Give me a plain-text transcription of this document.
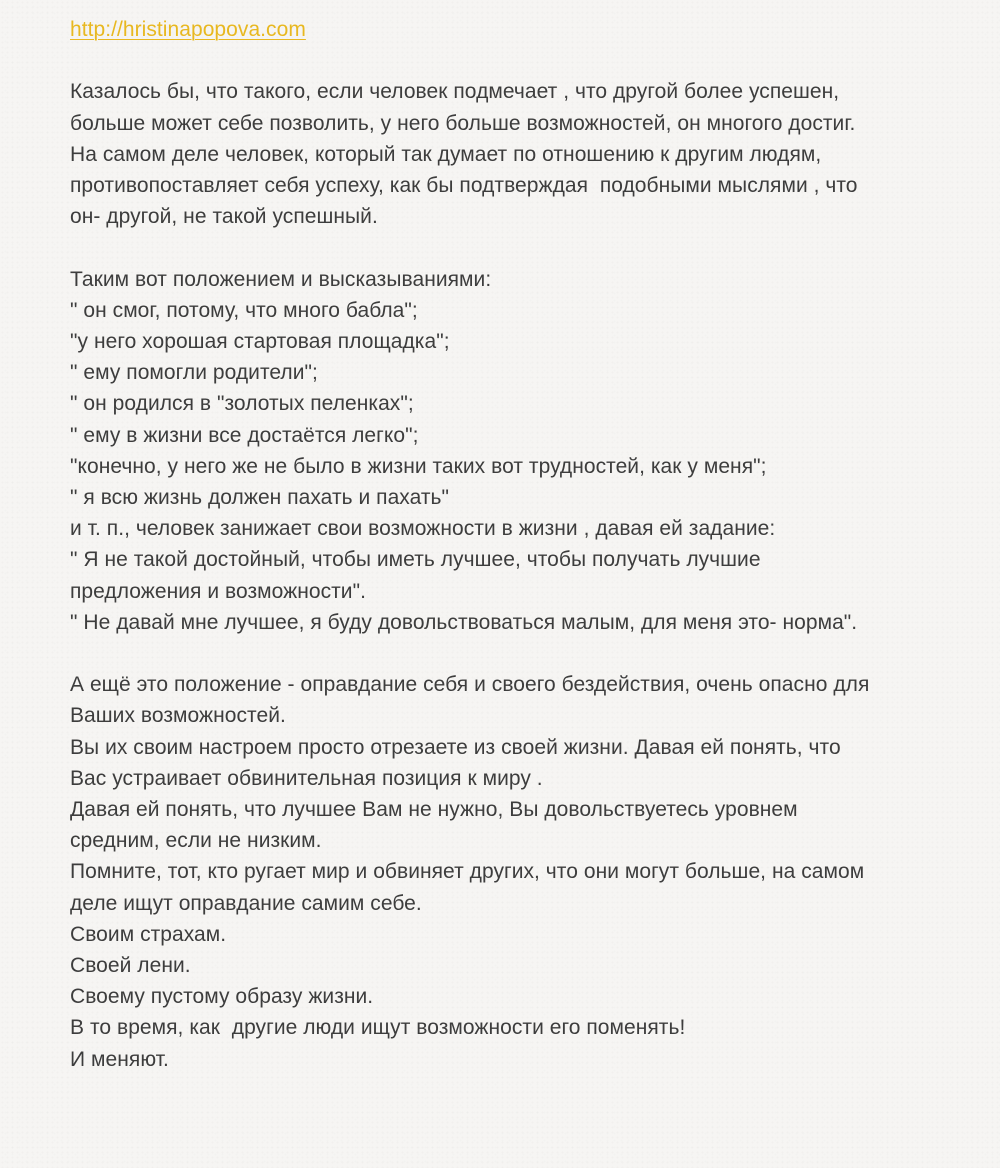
http://hristinapopova.com

Казалось бы, что такого, если человек подмечает , что другой более успешен,
больше может себе позволить, у него больше возможностей, он многого достиг.
На самом деле человек, который так думает по отношению к другим людям,
противопоставляет себя успеху, как бы подтверждая  подобными мыслями , что
он- другой, не такой успешный.

Таким вот положением и высказываниями:
" он смог, потому, что много бабла";
"у него хорошая стартовая площадка";
" ему помогли родители";
" он родился в "золотых пеленках";
" ему в жизни все достаётся легко";
"конечно, у него же не было в жизни таких вот трудностей, как у меня";
" я всю жизнь должен пахать и пахать"
и т. п., человек занижает свои возможности в жизни , давая ей задание:
" Я не такой достойный, чтобы иметь лучшее, чтобы получать лучшие
предложения и возможности".
" Не давай мне лучшее, я буду довольствоваться малым, для меня это- норма".

А ещё это положение - оправдание себя и своего бездействия, очень опасно для
Ваших возможностей.
Вы их своим настроем просто отрезаете из своей жизни. Давая ей понять, что
Вас устраивает обвинительная позиция к миру .
Давая ей понять, что лучшее Вам не нужно, Вы довольствуетесь уровнем
средним, если не низким.
Помните, тот, кто ругает мир и обвиняет других, что они могут больше, на самом
деле ищут оправдание самим себе.
Своим страхам.
Своей лени.
Своему пустому образу жизни.
В то время, как  другие люди ищут возможности его поменять!
И меняют.
